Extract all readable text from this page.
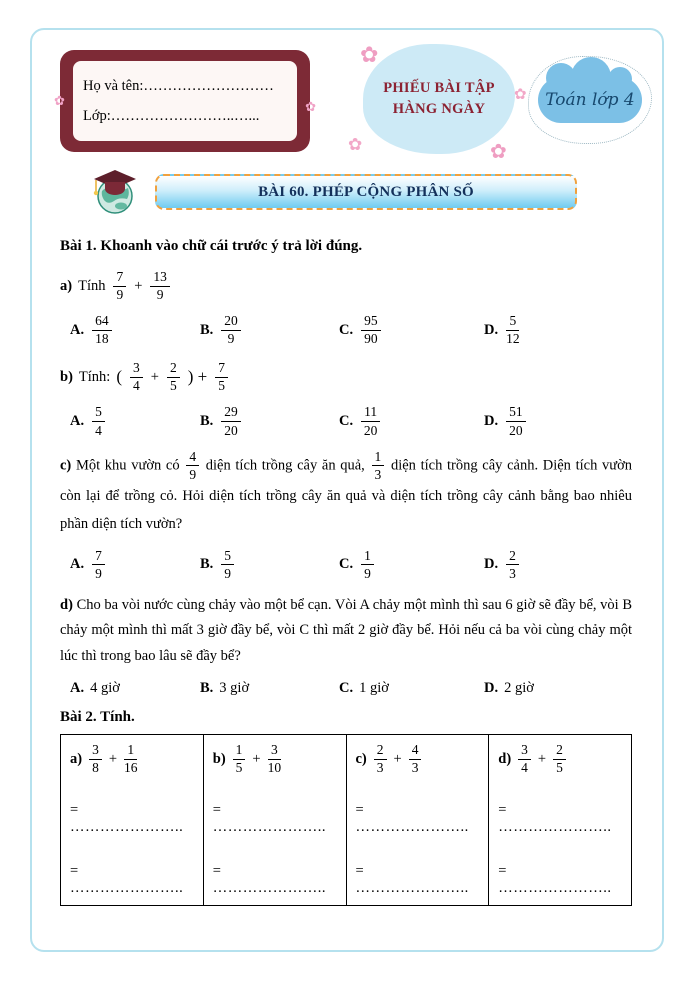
✿	✿
Họ và tên:………………………
Lớp:……………………..…...
PHIẾU BÀI TẬP
HÀNG NGÀY
✿
✿	✿
✿ Toán lớp 4
BÀI 60. PHÉP CỘNG PHÂN SỐ
Bài 1. Khoanh vào chữ cái trước ý trả lời đúng.
a) Tính $\frac{7}{9} + \frac{13}{9}$
A. $\frac{64}{18}$	B. $\frac{20}{9}$	C. $\frac{95}{90}$	D. $\frac{5}{12}$
b) Tính: ( $\frac{3}{4} + \frac{2}{5}$ ) + $\frac{7}{5}$
A. $\frac{5}{4}$	B. $\frac{29}{20}$	C. $\frac{11}{20}$	D. $\frac{51}{20}$

c) Một khu vườn có $\frac{4}{9}$ diện tích trồng cây ăn quả, $\frac{1}{3}$ diện tích trồng cây cảnh. Diện tích vườn còn lại để trồng cỏ. Hỏi diện tích trồng cây ăn quả và diện tích trồng cây cảnh bằng bao nhiêu phần diện tích vườn?

A. $\frac{7}{9}$	B. $\frac{5}{9}$	C. $\frac{1}{9}$	D. $\frac{2}{3}$

d) Cho ba vòi nước cùng chảy vào một bể cạn. Vòi A chảy một mình thì sau 6 giờ sẽ đầy bể, vòi B chảy một mình thì mất 3 giờ đầy bể, vòi C thì mất 2 giờ đầy bể. Hỏi nếu cả ba vòi cùng chảy một lúc thì trong bao lâu sẽ đầy bể?

A. 4 giờ	B. 3 giờ	C. 1 giờ	D. 2 giờ
Bài 2. Tính.
$a) \frac{3}{8} + \frac{1}{16}$
= …………………..
= …………………..

$b) \frac{1}{5} + \frac{3}{10}$
= …………………..
= …………………..

$c) \frac{2}{3} + \frac{4}{3}$
= …………………..
= …………………..

$d) \frac{3}{4} + \frac{2}{5}$
= …………………..
= …………………..
